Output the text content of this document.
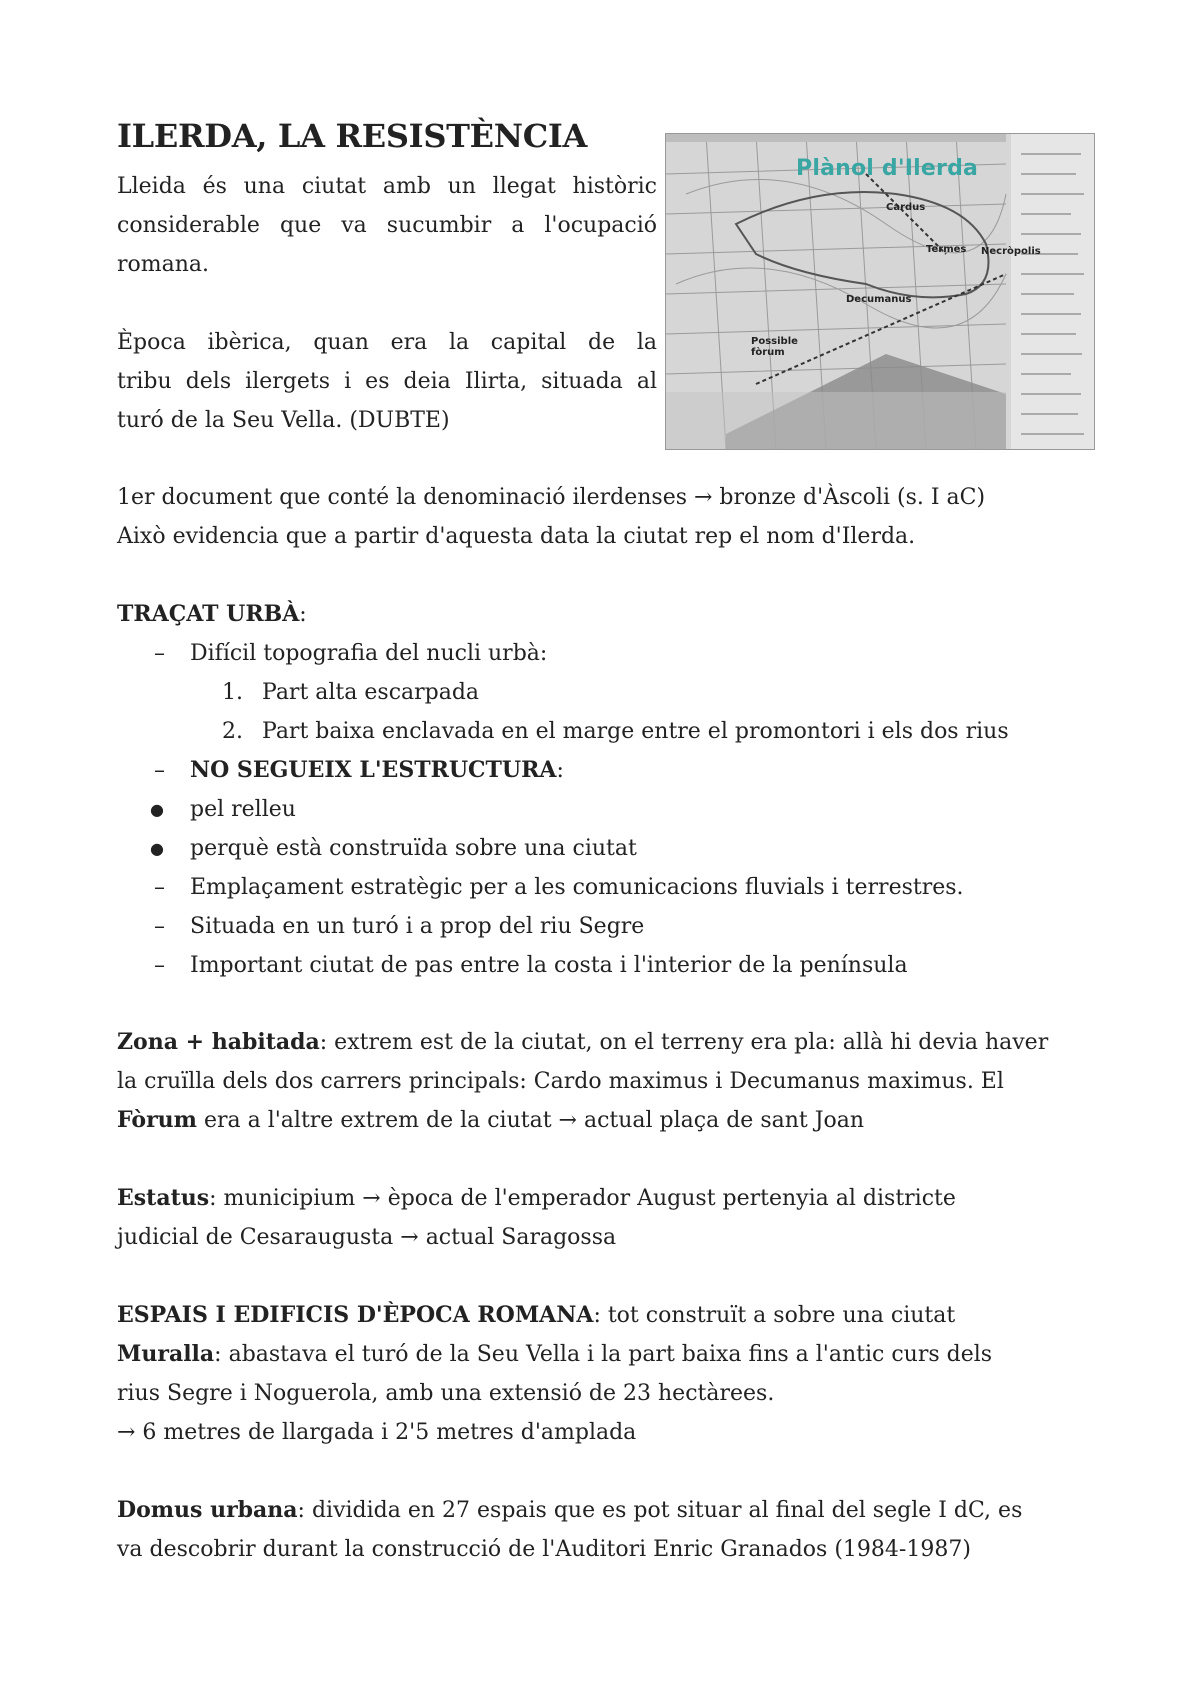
ILERDA, LA RESISTÈNCIA

Lleida és una ciutat amb un llegat històric

considerable que va sucumbir a l'ocupació

romana.

Època ibèrica, quan era la capital de la

tribu dels ilergets i es deia Ilirta, situada al

turó de la Seu Vella. (DUBTE)

Plànol d'Ilerda
Cardus
Termes Necròpolis
Decumanus
Possible fòrum

1er document que conté la denominació ilerdenses → bronze d'Àscoli (s. I aC)

Això evidencia que a partir d'aquesta data la ciutat rep el nom d'Ilerda.

TRAÇAT URBÀ:

– Difícil topografia del nucli urbà:

1. Part alta escarpada

2. Part baixa enclavada en el marge entre el promontori i els dos rius

– NO SEGUEIX L'ESTRUCTURA:

● pel relleu

● perquè està construïda sobre una ciutat

– Emplaçament estratègic per a les comunicacions fluvials i terrestres.

– Situada en un turó i a prop del riu Segre

– Important ciutat de pas entre la costa i l'interior de la península

Zona + habitada: extrem est de la ciutat, on el terreny era pla: allà hi devia haver

la cruïlla dels dos carrers principals: Cardo maximus i Decumanus maximus. El

Fòrum era a l'altre extrem de la ciutat → actual plaça de sant Joan

Estatus: municipium → època de l'emperador August pertenyia al districte

judicial de Cesaraugusta → actual Saragossa

ESPAIS I EDIFICIS D'ÈPOCA ROMANA: tot construït a sobre una ciutat

Muralla: abastava el turó de la Seu Vella i la part baixa fins a l'antic curs dels

rius Segre i Noguerola, amb una extensió de 23 hectàrees.

→ 6 metres de llargada i 2'5 metres d'amplada

Domus urbana: dividida en 27 espais que es pot situar al final del segle I dC, es

va descobrir durant la construcció de l'Auditori Enric Granados (1984-1987)
